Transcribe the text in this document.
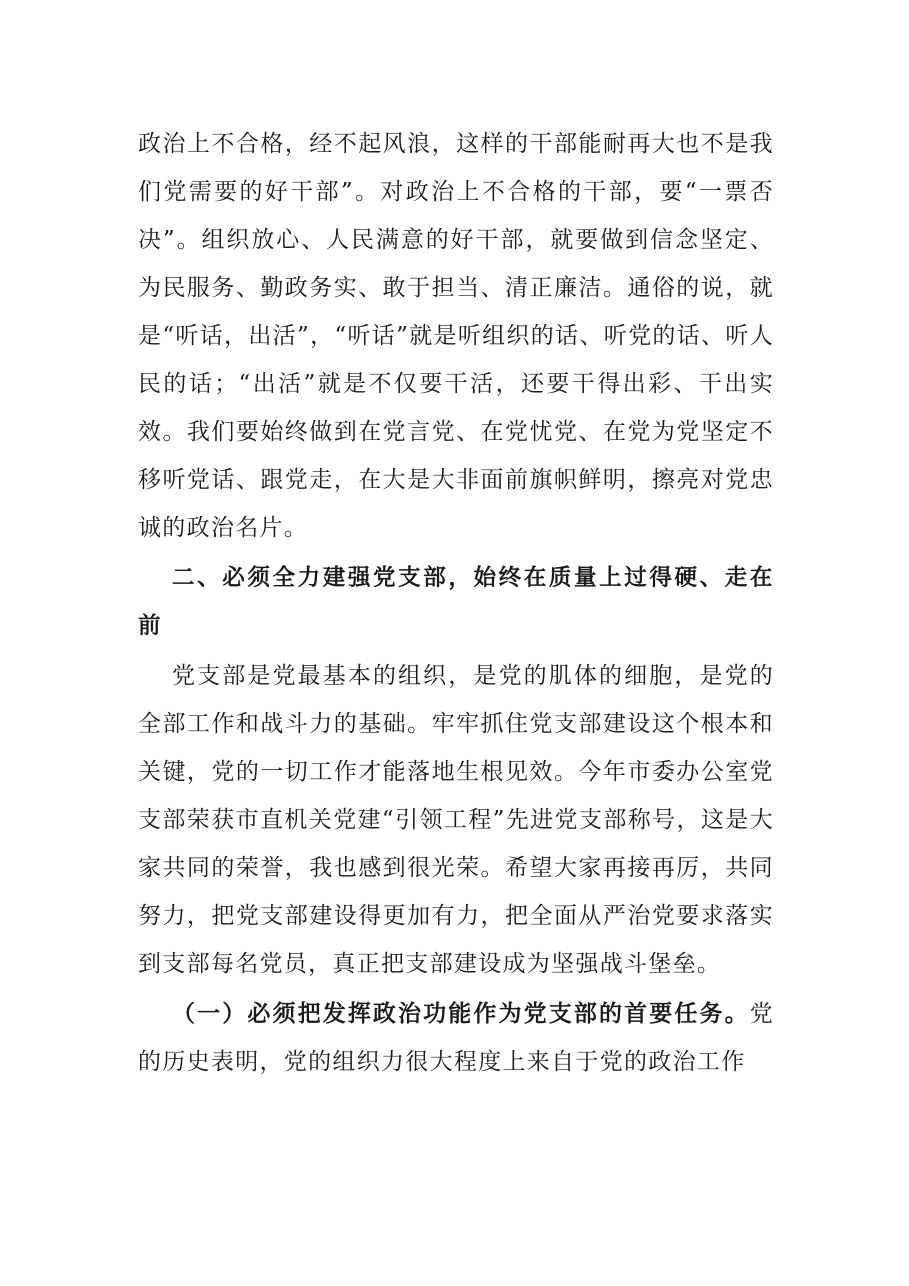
政治上不合格，经不起风浪，这样的干部能耐再大也不是我们党需要的好干部”。对政治上不合格的干部，要“一票否决”。组织放心、人民满意的好干部，就要做到信念坚定、为民服务、勤政务实、敢于担当、清正廉洁。通俗的说，就是“听话，出活”，“听话”就是听组织的话、听党的话、听人民的话；“出活”就是不仅要干活，还要干得出彩、干出实效。我们要始终做到在党言党、在党忧党、在党为党坚定不移听党话、跟党走，在大是大非面前旗帜鲜明，擦亮对党忠诚的政治名片。

二、必须全力建强党支部，始终在质量上过得硬、走在前

党支部是党最基本的组织，是党的肌体的细胞，是党的全部工作和战斗力的基础。牢牢抓住党支部建设这个根本和关键，党的一切工作才能落地生根见效。今年市委办公室党支部荣获市直机关党建“引领工程”先进党支部称号，这是大家共同的荣誉，我也感到很光荣。希望大家再接再厉，共同努力，把党支部建设得更加有力，把全面从严治党要求落实到支部每名党员，真正把支部建设成为坚强战斗堡垒。

（一）必须把发挥政治功能作为党支部的首要任务。党的历史表明，党的组织力很大程度上来自于党的政治工作
